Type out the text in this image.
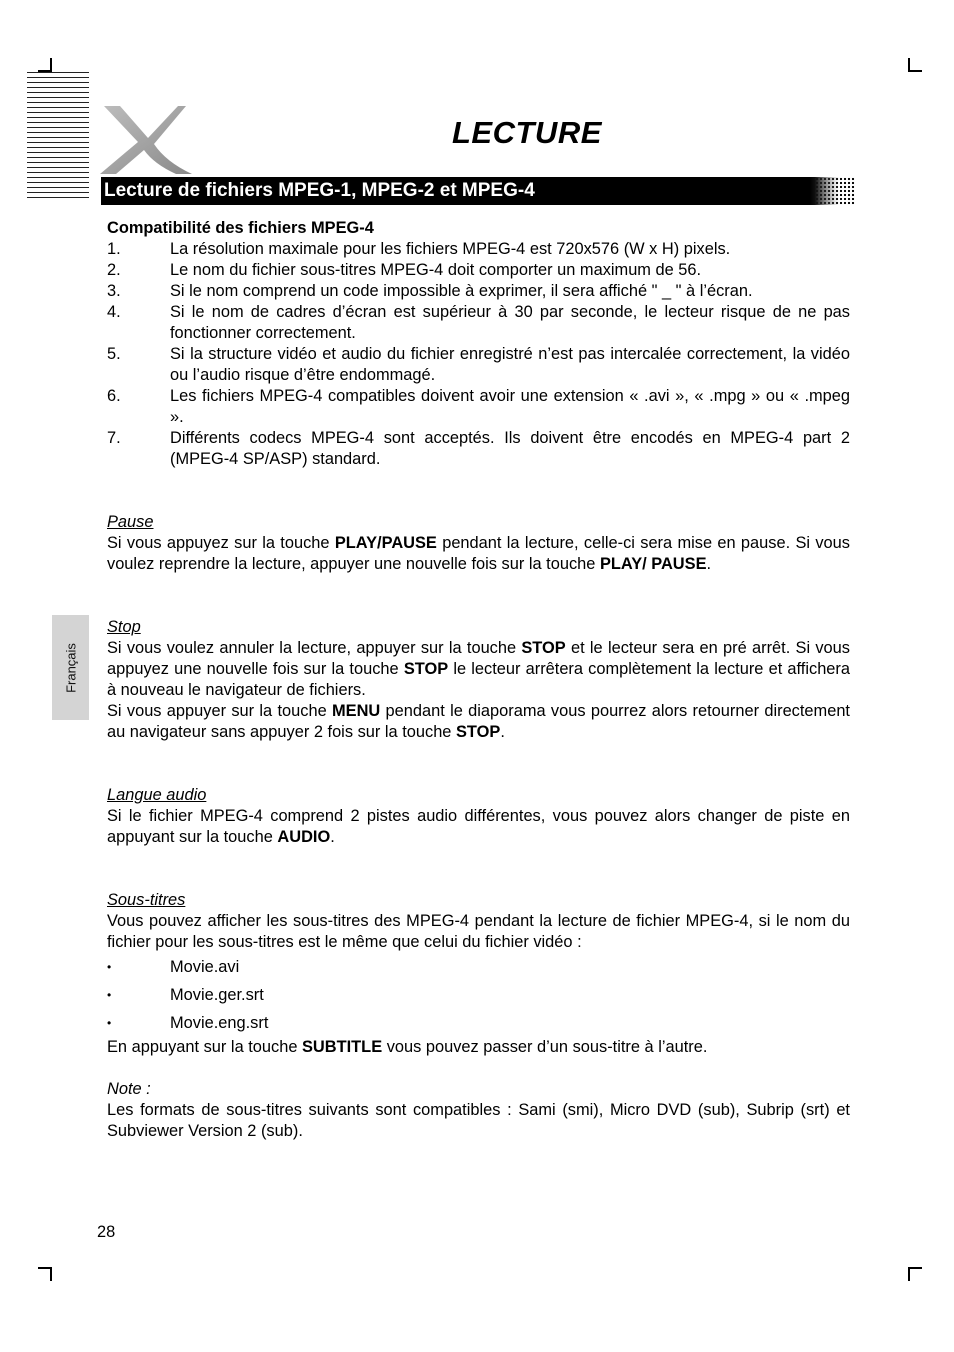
LECTURE
Lecture de fichiers MPEG-1, MPEG-2 et MPEG-4
Français

Compatibilité des fichiers MPEG-4

1.	La résolution maximale pour les fichiers MPEG-4 est 720x576 (W x H) pixels.
2.	Le nom du fichier sous-titres MPEG-4 doit comporter un maximum de 56.
3.	Si le nom comprend un code impossible à exprimer, il sera affiché " _ " à l’écran.
4.	Si le nom de cadres d’écran est supérieur à 30 par seconde, le lecteur risque de ne pas fonctionner correctement.
5.	Si la structure vidéo et audio du fichier enregistré n’est pas intercalée correctement, la vidéo ou l’audio risque d’être endommagé.
6.	Les fichiers MPEG-4 compatibles doivent avoir une extension « .avi », « .mpg » ou « .mpeg ».
7.	Différents codecs MPEG-4 sont acceptés. Ils doivent être encodés en MPEG-4 part 2 (MPEG-4 SP/ASP) standard.

Pause

Si vous appuyez sur la touche PLAY/PAUSE pendant la lecture, celle-ci sera mise en pause. Si vous voulez reprendre la lecture, appuyer une nouvelle fois sur la touche PLAY/ PAUSE.

Stop

Si vous voulez annuler la lecture, appuyer sur la touche STOP et le lecteur sera en pré arrêt. Si vous appuyez une nouvelle fois sur la touche STOP le lecteur arrêtera complètement la lecture et affichera à nouveau le navigateur de fichiers.

Si vous appuyer sur la touche MENU pendant le diaporama vous pourrez alors retourner directement au navigateur sans appuyer 2 fois sur la touche STOP.

Langue audio

Si le fichier MPEG-4 comprend 2 pistes audio différentes, vous pouvez alors changer de piste en appuyant sur la touche AUDIO.

Sous-titres

Vous pouvez afficher les sous-titres des MPEG-4 pendant la lecture de fichier MPEG-4, si le nom du fichier pour les sous-titres est le même que celui du fichier vidéo :

•	Movie.avi
•	Movie.ger.srt
•	Movie.eng.srt

En appuyant sur la touche SUBTITLE vous pouvez passer d’un sous-titre à l’autre.

Note :

Les formats de sous-titres suivants sont compatibles : Sami (smi), Micro DVD (sub), Subrip (srt) et Subviewer Version 2 (sub).

28
